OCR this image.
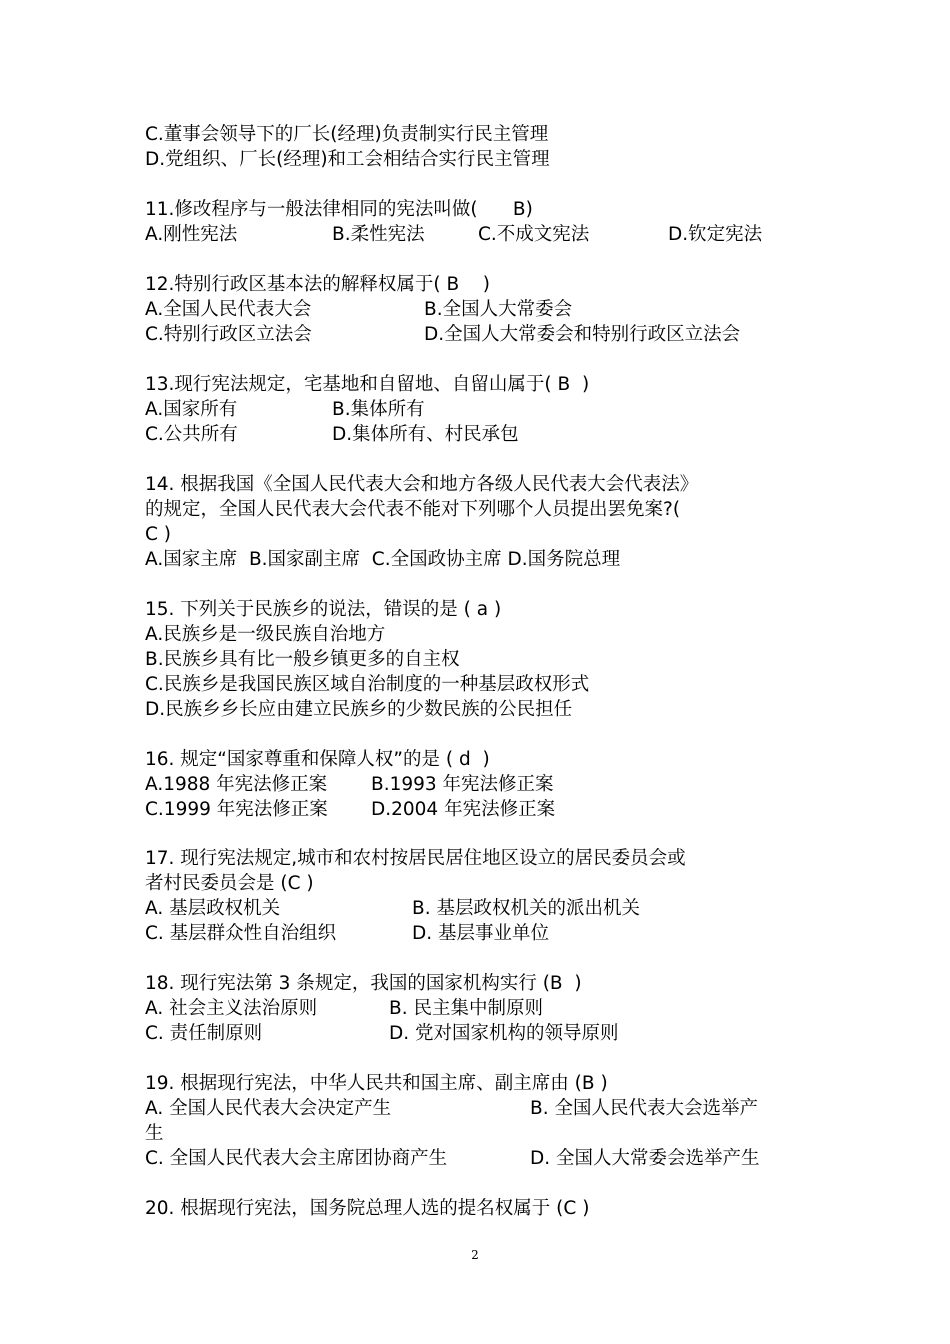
C.董事会领导下的厂长(经理)负责制实行民主管理
D.党组织、厂长(经理)和工会相结合实行民主管理
11.修改程序与一般法律相同的宪法叫做(      B)
A.刚性宪法	B.柔性宪法	C.不成文宪法	D.钦定宪法
12.特别行政区基本法的解释权属于( B    )
A.全国人民代表大会	B.全国人大常委会
C.特别行政区立法会	D.全国人大常委会和特别行政区立法会
13.现行宪法规定，宅基地和自留地、自留山属于( B  )
A.国家所有	B.集体所有
C.公共所有	D.集体所有、村民承包
14. 根据我国《全国人民代表大会和地方各级人民代表大会代表法》
的规定，全国人民代表大会代表不能对下列哪个人员提出罢免案?(
C )
A.国家主席  B.国家副主席  C.全国政协主席 D.国务院总理
15. 下列关于民族乡的说法，错误的是 ( a )
A.民族乡是一级民族自治地方
B.民族乡具有比一般乡镇更多的自主权
C.民族乡是我国民族区域自治制度的一种基层政权形式
D.民族乡乡长应由建立民族乡的少数民族的公民担任
16. 规定“国家尊重和保障人权”的是 ( d  )
A.1988 年宪法修正案 B.1993 年宪法修正案
C.1999 年宪法修正案 D.2004 年宪法修正案
17. 现行宪法规定,城市和农村按居民居住地区设立的居民委员会或
者村民委员会是 (C )
A. 基层政权机关	B. 基层政权机关的派出机关
C. 基层群众性自治组织	D. 基层事业单位
18. 现行宪法第 3 条规定，我国的国家机构实行 (B  )
A. 社会主义法治原则	B. 民主集中制原则
C. 责任制原则	D. 党对国家机构的领导原则
19. 根据现行宪法，中华人民共和国主席、副主席由 (B )
A. 全国人民代表大会决定产生	B. 全国人民代表大会选举产
生
C. 全国人民代表大会主席团协商产生	D. 全国人大常委会选举产生
20. 根据现行宪法，国务院总理人选的提名权属于 (C )
2
